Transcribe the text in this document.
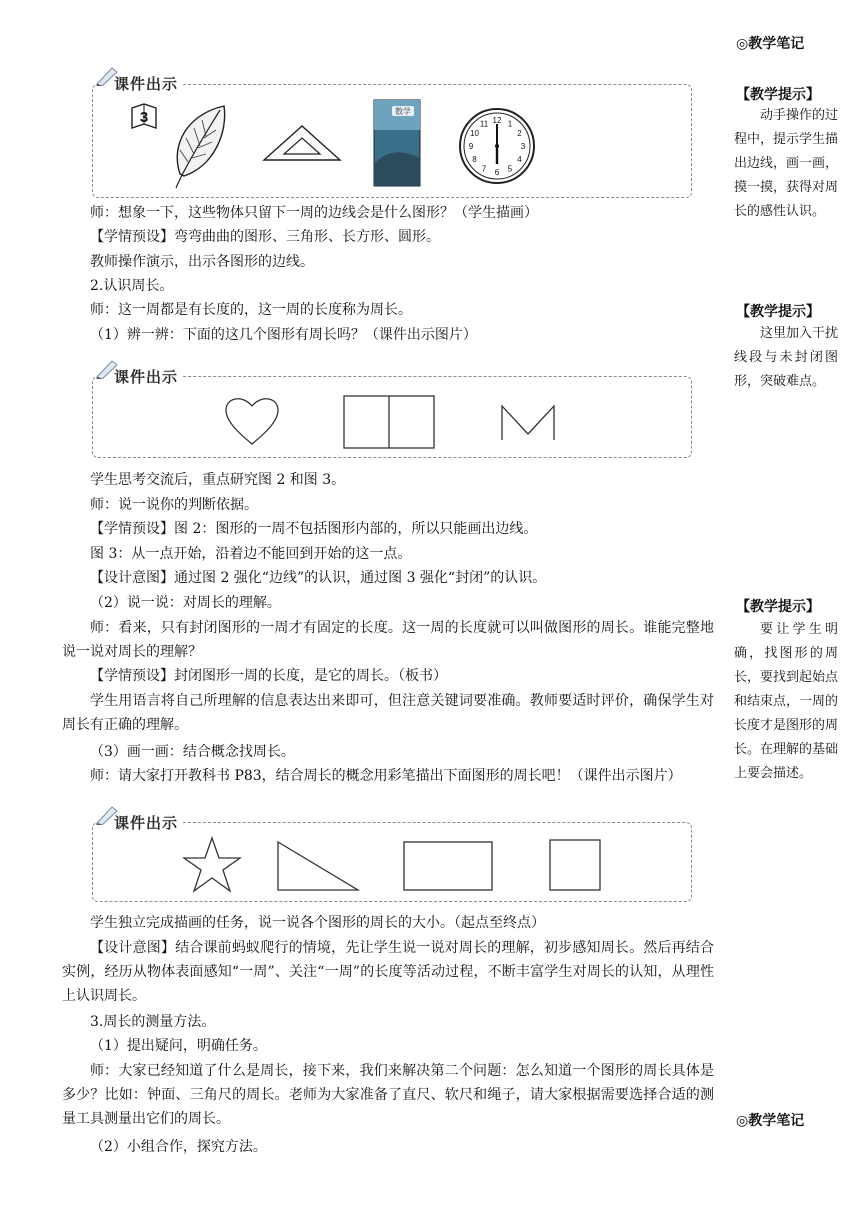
◎教学笔记
【教学提示】
动手操作的过程中，提示学生描出边线，画一画，摸一摸，获得对周长的感性认识。
【教学提示】
这里加入干扰线段与未封闭图形，突破难点。
【教学提示】
要让学生明确，找图形的周长，要找到起始点和结束点，一周的长度才是图形的周长。在理解的基础上要会描述。
◎教学笔记
课件出示
3	数学
12 1
2
3
4
5
6
7
8
9
10
11
师：想象一下，这些物体只留下一周的边线会是什么图形？（学生描画）
【学情预设】弯弯曲曲的图形、三角形、长方形、圆形。
教师操作演示，出示各图形的边线。
2.认识周长。
师：这一周都是有长度的，这一周的长度称为周长。
（1）辨一辨：下面的这几个图形有周长吗？（课件出示图片）
课件出示
学生思考交流后，重点研究图 2 和图 3。
师：说一说你的判断依据。
【学情预设】图 2：图形的一周不包括图形内部的，所以只能画出边线。
图 3：从一点开始，沿着边不能回到开始的这一点。
【设计意图】通过图 2 强化“边线”的认识，通过图 3 强化“封闭”的认识。
（2）说一说：对周长的理解。
师：看来，只有封闭图形的一周才有固定的长度。这一周的长度就可以叫做图形的周长。谁能完整地说一说对周长的理解？
【学情预设】封闭图形一周的长度，是它的周长。（板书）
学生用语言将自己所理解的信息表达出来即可，但注意关键词要准确。教师要适时评价，确保学生对周长有正确的理解。
（3）画一画：结合概念找周长。
师：请大家打开教科书 P83，结合周长的概念用彩笔描出下面图形的周长吧！（课件出示图片）
课件出示
学生独立完成描画的任务，说一说各个图形的周长的大小。（起点至终点）
【设计意图】结合课前蚂蚁爬行的情境，先让学生说一说对周长的理解，初步感知周长。然后再结合实例，经历从物体表面感知“一周”、关注“一周”的长度等活动过程，不断丰富学生对周长的认知，从理性上认识周长。
3.周长的测量方法。
（1）提出疑问，明确任务。
师：大家已经知道了什么是周长，接下来，我们来解决第二个问题：怎么知道一个图形的周长具体是多少？比如：钟面、三角尺的周长。老师为大家准备了直尺、软尺和绳子，请大家根据需要选择合适的测量工具测量出它们的周长。
（2）小组合作，探究方法。
